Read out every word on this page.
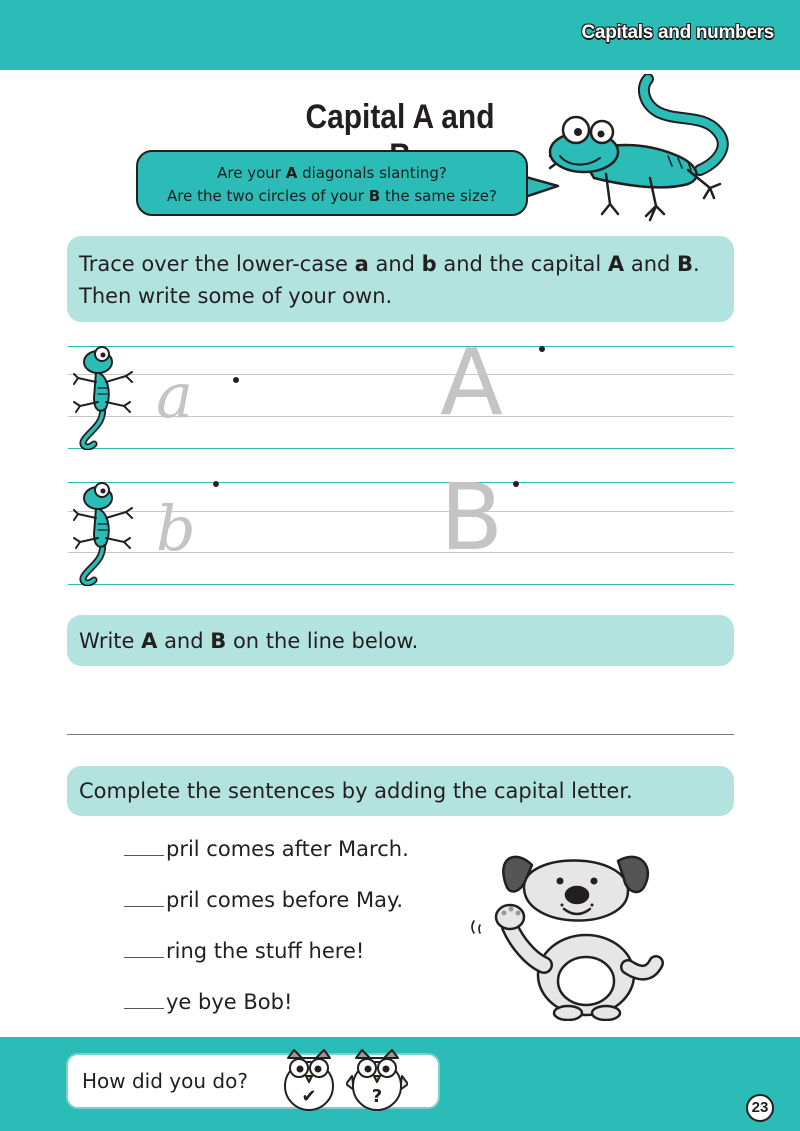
Capitals and numbers
Capital A and
Are your A diagonals slanting?
Are the two circles of your B the same size?
Trace over the lower-case a and b and the capital A and B.
Then write some of your own.
a	A
b	B
Write A and B on the line below.
Complete the sentences by adding the capital letter.
pril comes after March.
pril comes before May.
ring the stuff here!
ye bye Bob!
How did you do?
✔	?
23
